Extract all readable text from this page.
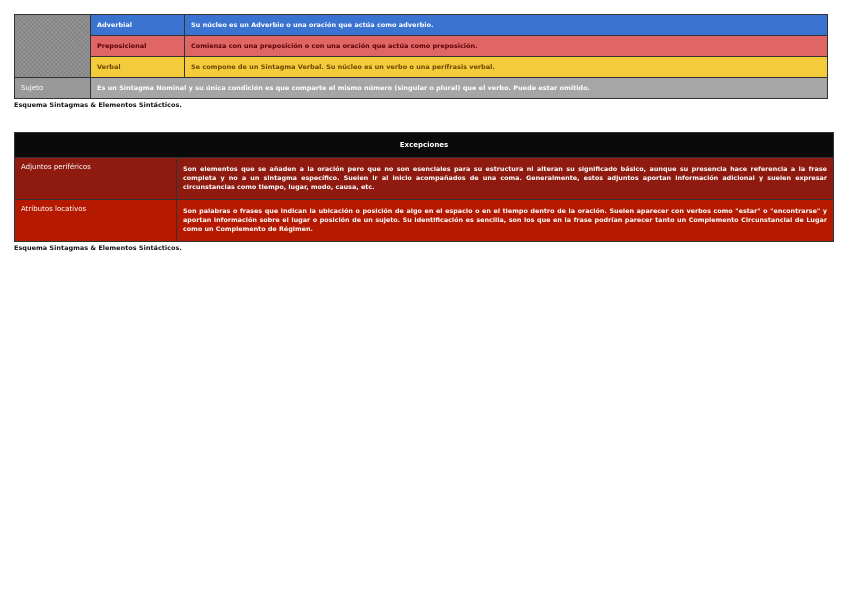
	Adverbial	Su núcleo es un Adverbio o una oración que actúa como adverbio.
	Preposicional	Comienza con una preposición o con una oración que actúa como preposición.
	Verbal	Se compone de un Sintagma Verbal. Su núcleo es un verbo o una perífrasis verbal.
Sujeto	Es un Sintagma Nominal y su única condición es que comparte el mismo número (singular o plural) que el verbo. Puede estar omitido.	
Esquema Sintagmas & Elementos Sintácticos.
Excepciones	
Adjuntos periféricos	Son elementos que se añaden a la oración pero que no son esenciales para su estructura ni alteran su significado básico, aunque su presencia hace referencia a la frase completa y no a un sintagma específico. Suelen ir al inicio acompañados de una coma. Generalmente, estos adjuntos aportan información adicional y suelen expresar circunstancias como tiempo, lugar, modo, causa, etc.
Atributos locativos	Son palabras o frases que indican la ubicación o posición de algo en el espacio o en el tiempo dentro de la oración. Suelen aparecer con verbos como "estar" o "encontrarse" y aportan información sobre el lugar o posición de un sujeto. Su identificación es sencilla, son los que en la frase podrían parecer tanto un Complemento Circunstancial de Lugar como un Complemento de Régimen.
Esquema Sintagmas & Elementos Sintácticos.
